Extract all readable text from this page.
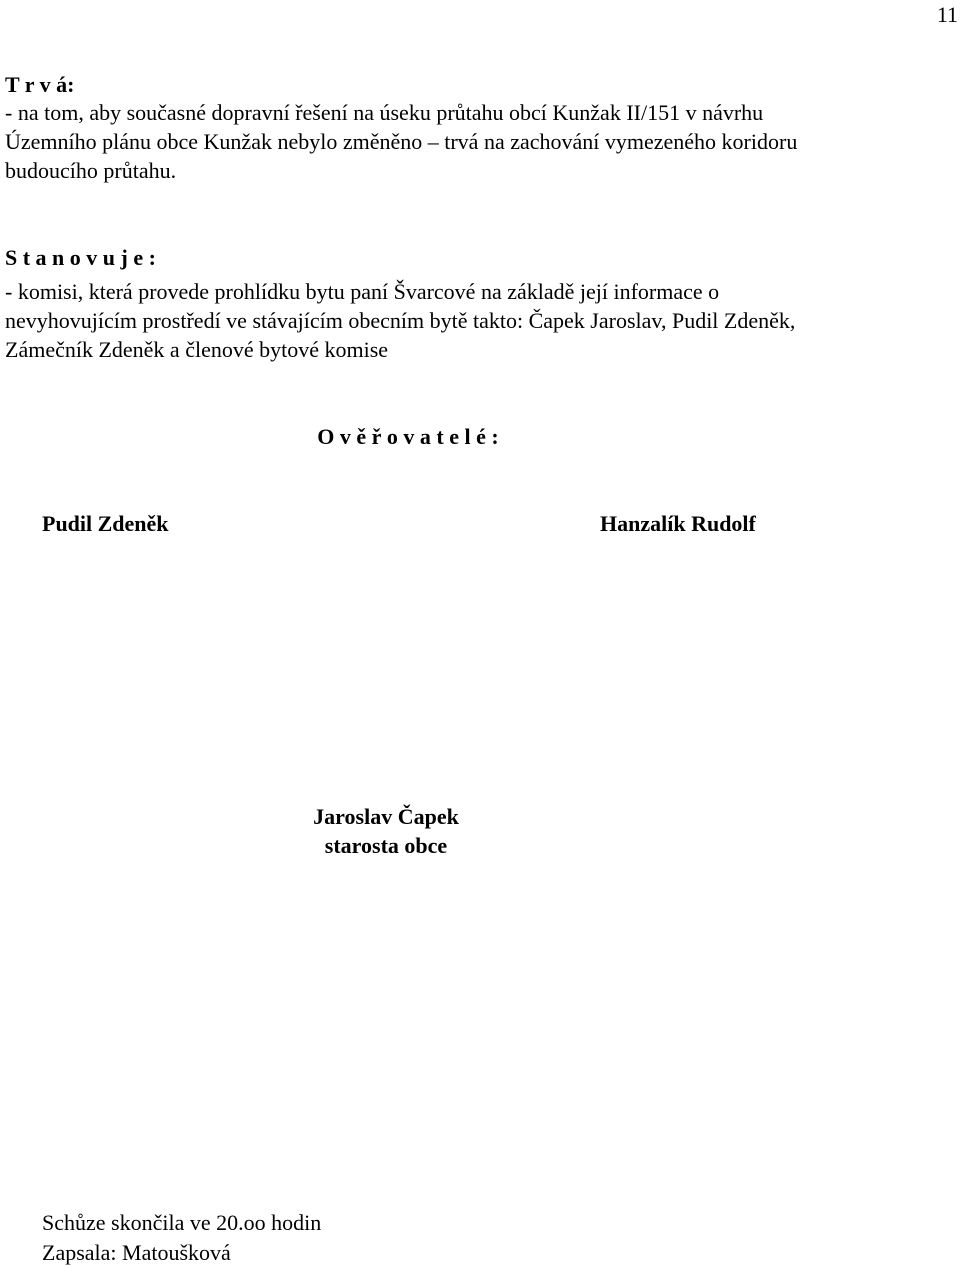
11
T r v á:
- na tom, aby současné dopravní řešení na úseku průtahu obcí Kunžak II/151 v návrhu
Územního plánu obce Kunžak nebylo změněno – trvá na zachování vymezeného koridoru
budoucího průtahu.
S t a n o v u j e :
- komisi, která provede prohlídku bytu paní Švarcové na základě její informace o
nevyhovujícím prostředí ve stávajícím obecním bytě takto: Čapek Jaroslav, Pudil Zdeněk,
Zámečník Zdeněk a členové bytové komise
O v ě ř o v a t e l é :
Pudil Zdeněk	Hanzalík Rudolf
Jaroslav Čapek
starosta obce
Schůze skončila ve 20.oo hodin
Zapsala: Matoušková
